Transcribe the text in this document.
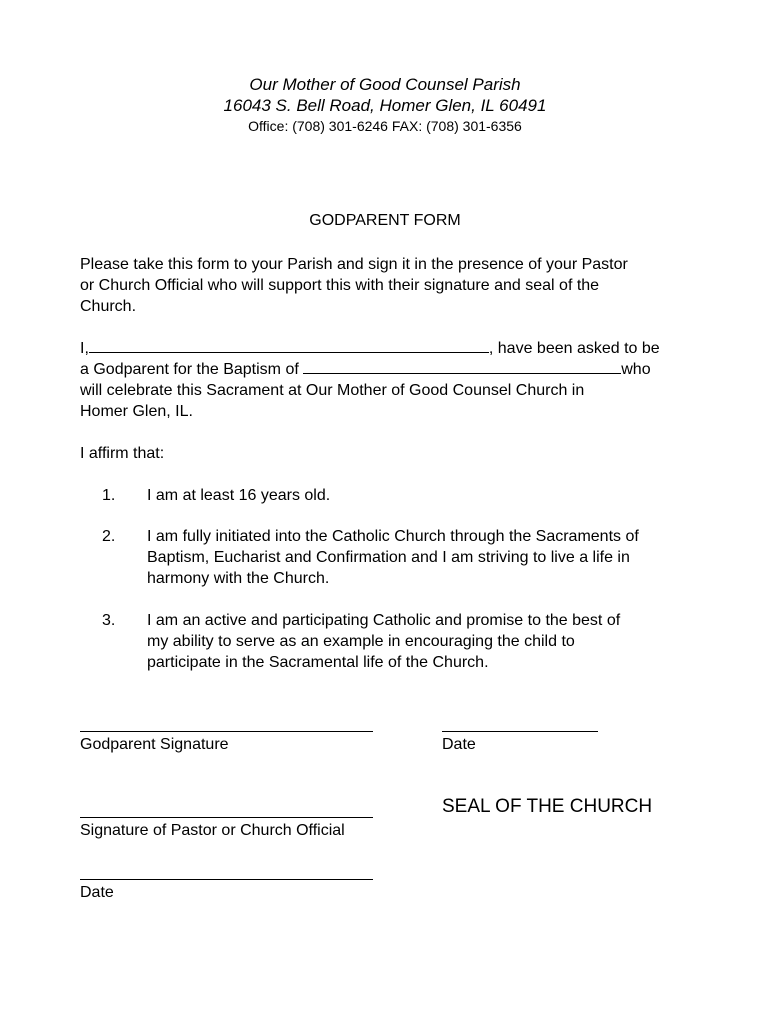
Our Mother of Good Counsel Parish
16043 S. Bell Road, Homer Glen, IL 60491
Office: (708) 301-6246 FAX: (708) 301-6356
GODPARENT FORM
Please take this form to your Parish and sign it in the presence of your Pastor
or Church Official who will support this with their signature and seal of the
Church.
I,	, have been asked to be
a Godparent for the Baptism of	who
will celebrate this Sacrament at Our Mother of Good Counsel Church in
Homer Glen, IL.
I affirm that:
1. I am at least 16 years old.
2. I am fully initiated into the Catholic Church through the Sacraments of
Baptism, Eucharist and Confirmation and I am striving to live a life in
harmony with the Church.
3. I am an active and participating Catholic and promise to the best of
my ability to serve as an example in encouraging the child to
participate in the Sacramental life of the Church.
Godparent Signature	Date
SEAL OF THE CHURCH
Signature of Pastor or Church Official
Date
